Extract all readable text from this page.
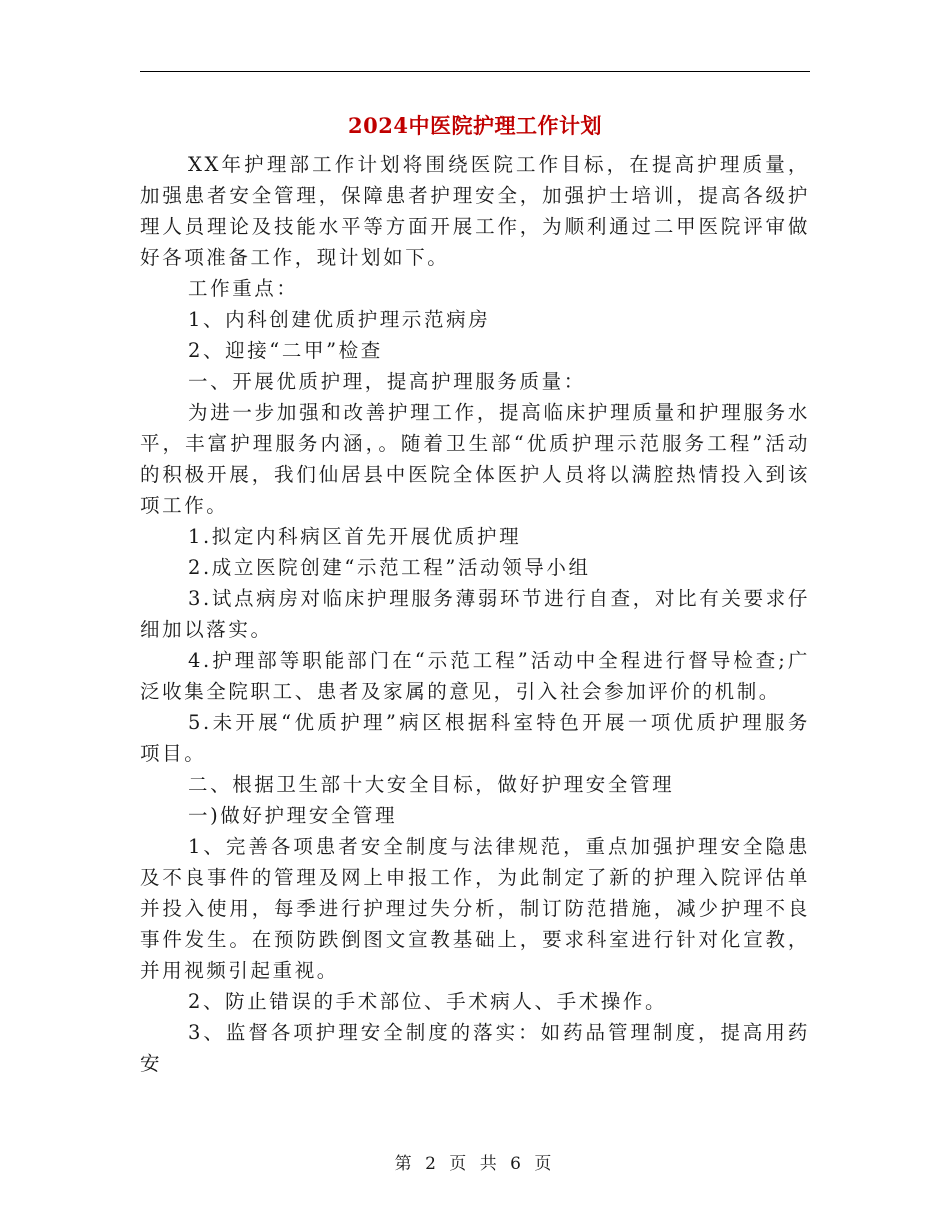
2024中医院护理工作计划

XX年护理部工作计划将围绕医院工作目标，在提高护理质量，加强患者安全管理，保障患者护理安全，加强护士培训，提高各级护理人员理论及技能水平等方面开展工作，为顺利通过二甲医院评审做好各项准备工作，现计划如下。

工作重点：

1、内科创建优质护理示范病房

2、迎接“二甲”检查

一、开展优质护理，提高护理服务质量：

为进一步加强和改善护理工作，提高临床护理质量和护理服务水平，丰富护理服务内涵，。随着卫生部“优质护理示范服务工程”活动的积极开展，我们仙居县中医院全体医护人员将以满腔热情投入到该项工作。

1.拟定内科病区首先开展优质护理

2.成立医院创建“示范工程”活动领导小组

3.试点病房对临床护理服务薄弱环节进行自查，对比有关要求仔细加以落实。

4.护理部等职能部门在“示范工程”活动中全程进行督导检查;广泛收集全院职工、患者及家属的意见，引入社会参加评价的机制。

5.未开展“优质护理”病区根据科室特色开展一项优质护理服务项目。

二、根据卫生部十大安全目标，做好护理安全管理

一)做好护理安全管理

1、完善各项患者安全制度与法律规范，重点加强护理安全隐患及不良事件的管理及网上申报工作，为此制定了新的护理入院评估单并投入使用，每季进行护理过失分析，制订防范措施，减少护理不良事件发生。在预防跌倒图文宣教基础上，要求科室进行针对化宣教，并用视频引起重视。

2、防止错误的手术部位、手术病人、手术操作。

3、监督各项护理安全制度的落实：如药品管理制度，提高用药安

第 2 页 共 6 页
